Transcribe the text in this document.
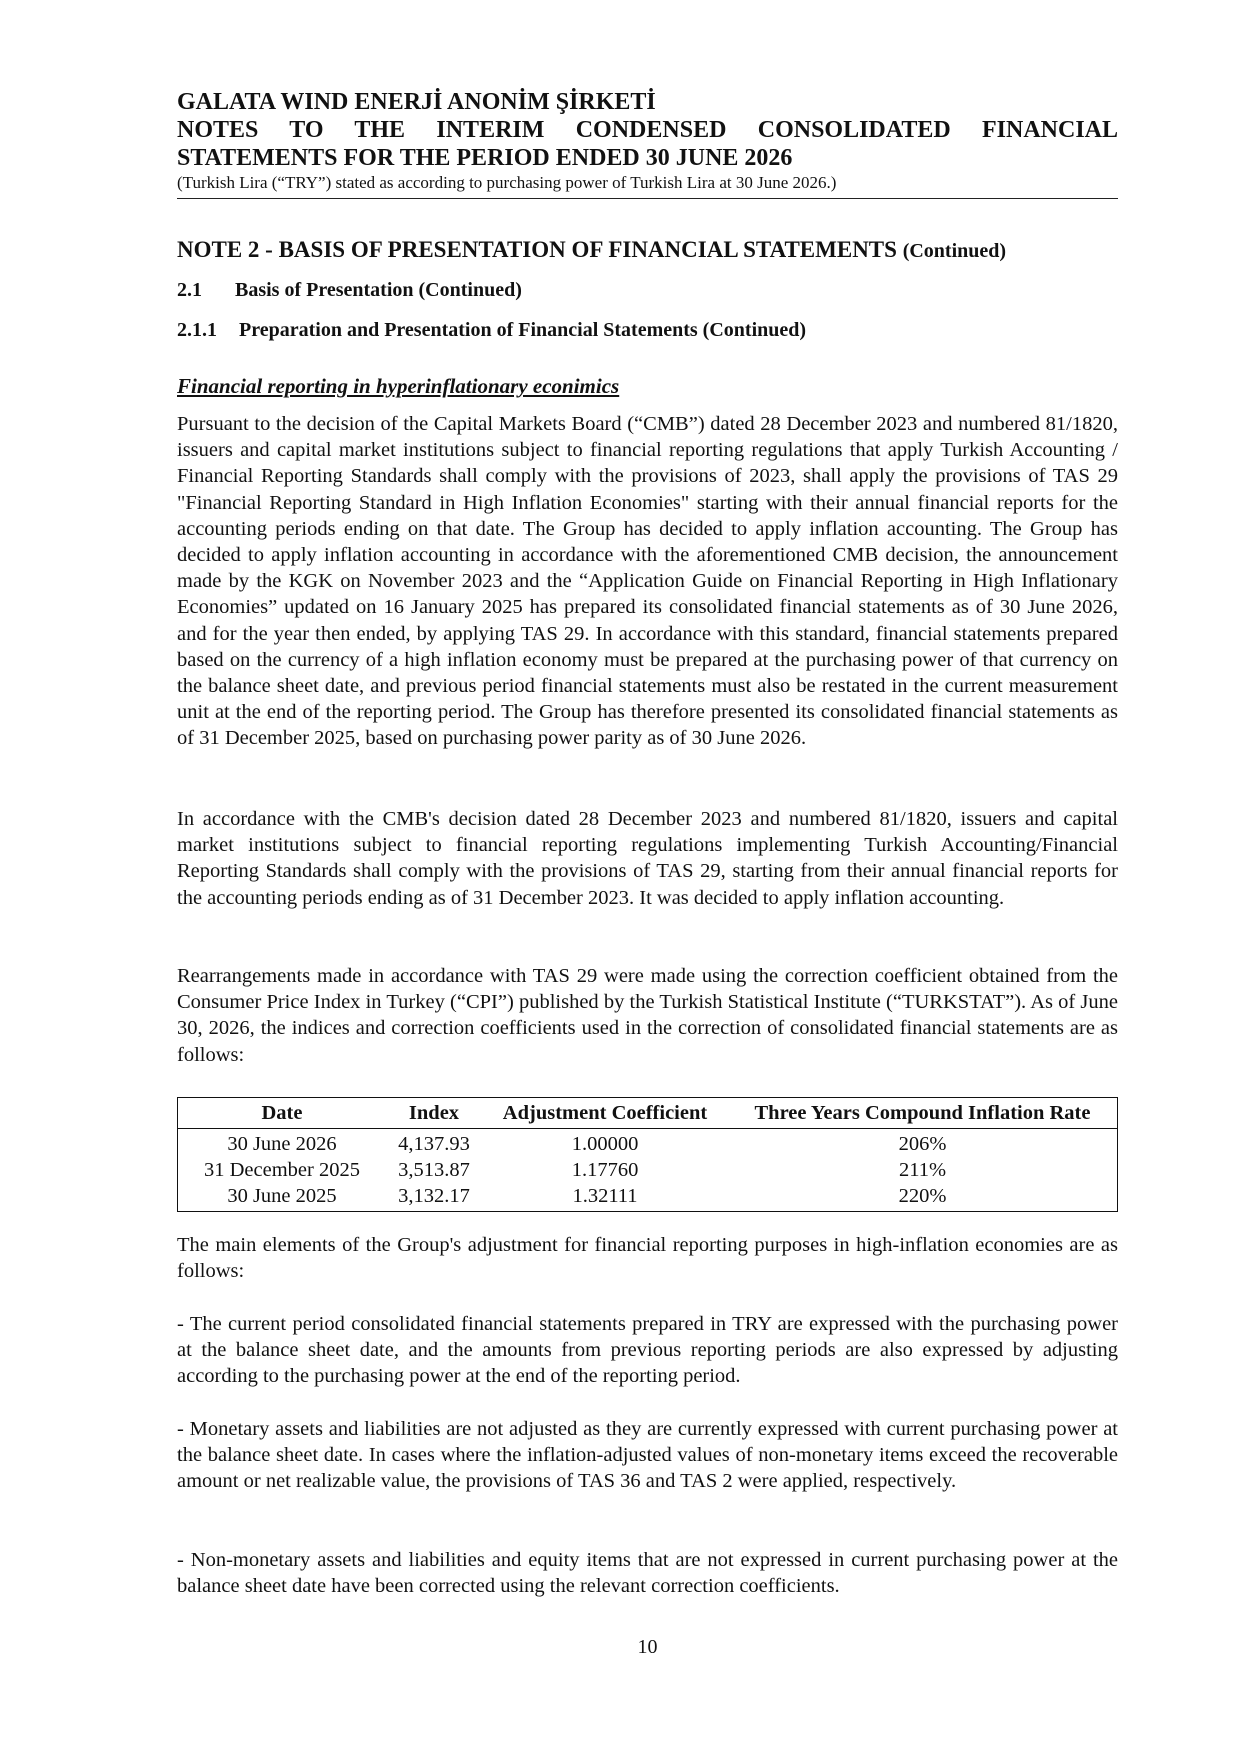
GALATA WIND ENERJİ ANONİM ŞİRKETİ
NOTES TO THE INTERIM CONDENSED CONSOLIDATED FINANCIAL
STATEMENTS FOR THE PERIOD ENDED 30 JUNE 2026
(Turkish Lira (“TRY”) stated as according to purchasing power of Turkish Lira at 30 June 2026.)
NOTE 2 - BASIS OF PRESENTATION OF FINANCIAL STATEMENTS (Continued)
2.1 Basis of Presentation (Continued)
2.1.1 Preparation and Presentation of Financial Statements (Continued)
Financial reporting in hyperinflationary econimics

Pursuant to the decision of the Capital Markets Board (“CMB”) dated 28 December 2023 and numbered 81/1820, issuers and capital market institutions subject to financial reporting regulations that apply Turkish Accounting / Financial Reporting Standards shall comply with the provisions of 2023, shall apply the provisions of TAS 29 "Financial Reporting Standard in High Inflation Economies" starting with their annual financial reports for the accounting periods ending on that date. The Group has decided to apply inflation accounting. The Group has decided to apply inflation accounting in accordance with the aforementioned CMB decision, the announcement made by the KGK on November 2023 and the “Application Guide on Financial Reporting in High Inflationary Economies” updated on 16 January 2025 has prepared its consolidated financial statements as of 30 June 2026, and for the year then ended, by applying TAS 29. In accordance with this standard, financial statements prepared based on the currency of a high inflation economy must be prepared at the purchasing power of that currency on the balance sheet date, and previous period financial statements must also be restated in the current measurement unit at the end of the reporting period. The Group has therefore presented its consolidated financial statements as of 31 December 2025, based on purchasing power parity as of 30 June 2026.

In accordance with the CMB's decision dated 28 December 2023 and numbered 81/1820, issuers and capital market institutions subject to financial reporting regulations implementing Turkish Accounting/Financial Reporting Standards shall comply with the provisions of TAS 29, starting from their annual financial reports for the accounting periods ending as of 31 December 2023. It was decided to apply inflation accounting.

Rearrangements made in accordance with TAS 29 were made using the correction coefficient obtained from the Consumer Price Index in Turkey (“CPI”) published by the Turkish Statistical Institute (“TURKSTAT”). As of June 30, 2026, the indices and correction coefficients used in the correction of consolidated financial statements are as follows:

Date	Index	Adjustment Coefficient	Three Years Compound Inflation Rate
30 June 2026	4,137.93	1.00000	206%
31 December 2025	3,513.87	1.17760	211%
30 June 2025	3,132.17	1.32111	220%

The main elements of the Group's adjustment for financial reporting purposes in high-inflation economies are as follows:

- The current period consolidated financial statements prepared in TRY are expressed with the purchasing power at the balance sheet date, and the amounts from previous reporting periods are also expressed by adjusting according to the purchasing power at the end of the reporting period.

- Monetary assets and liabilities are not adjusted as they are currently expressed with current purchasing power at the balance sheet date. In cases where the inflation-adjusted values of non-monetary items exceed the recoverable amount or net realizable value, the provisions of TAS 36 and TAS 2 were applied, respectively.

- Non-monetary assets and liabilities and equity items that are not expressed in current purchasing power at the balance sheet date have been corrected using the relevant correction coefficients.

10
